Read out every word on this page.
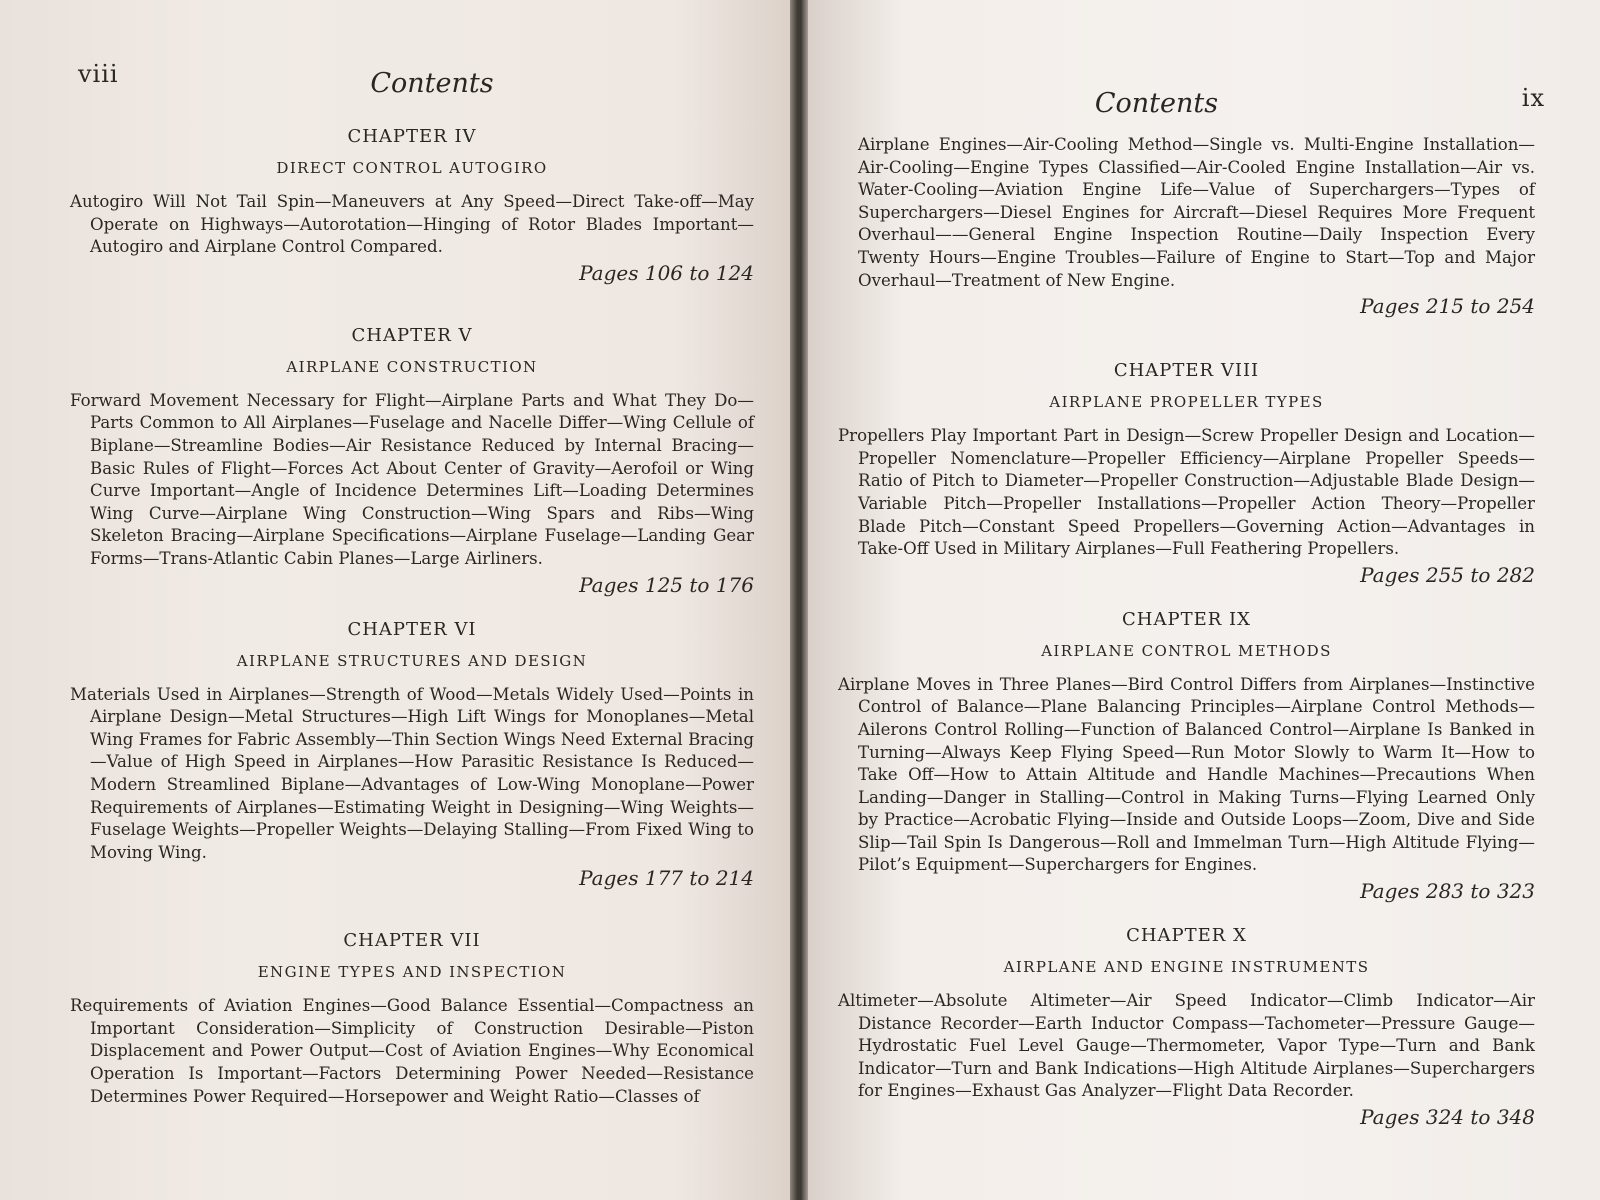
viii	Contents
CHAPTER IV
DIRECT CONTROL AUTOGIRO

Autogiro Will Not Tail Spin—Maneuvers at Any Speed—Direct Take-off—May Operate on Highways—Autorotation—Hinging of Rotor Blades Important—Autogiro and Airplane Control Compared.

Pages 106 to 124
CHAPTER V
AIRPLANE CONSTRUCTION

Forward Movement Necessary for Flight—Airplane Parts and What They Do—Parts Common to All Airplanes—Fuselage and Nacelle Differ—Wing Cellule of Biplane—Streamline Bodies—Air Resistance Reduced by Internal Bracing—Basic Rules of Flight—Forces Act About Center of Gravity—Aerofoil or Wing Curve Important—Angle of Incidence Determines Lift—Loading Determines Wing Curve—Airplane Wing Construction—Wing Spars and Ribs—Wing Skeleton Bracing—Airplane Specifications—Airplane Fuselage—Landing Gear Forms—Trans-Atlantic Cabin Planes—Large Airliners.

Pages 125 to 176
CHAPTER VI
AIRPLANE STRUCTURES AND DESIGN

Materials Used in Airplanes—Strength of Wood—Metals Widely Used—Points in Airplane Design—Metal Structures—High Lift Wings for Monoplanes—Metal Wing Frames for Fabric Assembly—Thin Section Wings Need External Bracing—Value of High Speed in Airplanes—How Parasitic Resistance Is Reduced—Modern Streamlined Biplane—Advantages of Low-Wing Monoplane—Power Requirements of Airplanes—Estimating Weight in Designing—Wing Weights—Fuselage Weights—Propeller Weights—Delaying Stalling—From Fixed Wing to Moving Wing.

Pages 177 to 214
CHAPTER VII
ENGINE TYPES AND INSPECTION

Requirements of Aviation Engines—Good Balance Essential—Compactness an Important Consideration—Simplicity of Construction Desirable—Piston Displacement and Power Output—Cost of Aviation Engines—Why Economical Operation Is Important—Factors Determining Power Needed—Resistance Determines Power Required—Horsepower and Weight Ratio—Classes of

Contents	ix

Airplane Engines—Air-Cooling Method—Single vs. Multi-Engine Installation—Air-Cooling—Engine Types Classified—Air-Cooled Engine Installation—Air vs. Water-Cooling—Aviation Engine Life—Value of Superchargers—Types of Superchargers—Diesel Engines for Aircraft—Diesel Requires More Frequent Overhaul——General Engine Inspection Routine—Daily Inspection Every Twenty Hours—Engine Troubles—Failure of Engine to Start—Top and Major Overhaul—Treatment of New Engine.

Pages 215 to 254
CHAPTER VIII
AIRPLANE PROPELLER TYPES

Propellers Play Important Part in Design—Screw Propeller Design and Location—Propeller Nomenclature—Propeller Efficiency—Airplane Propeller Speeds—Ratio of Pitch to Diameter—Propeller Construction—Adjustable Blade Design—Variable Pitch—Propeller Installations—Propeller Action Theory—Propeller Blade Pitch—Constant Speed Propellers—Governing Action—Advantages in Take-Off Used in Military Airplanes—Full Feathering Propellers.

Pages 255 to 282
CHAPTER IX
AIRPLANE CONTROL METHODS

Airplane Moves in Three Planes—Bird Control Differs from Airplanes—Instinctive Control of Balance—Plane Balancing Principles—Airplane Control Methods—Ailerons Control Rolling—Function of Balanced Control—Airplane Is Banked in Turning—Always Keep Flying Speed—Run Motor Slowly to Warm It—How to Take Off—How to Attain Altitude and Handle Machines—Precautions When Landing—Danger in Stalling—Control in Making Turns—Flying Learned Only by Practice—Acrobatic Flying—Inside and Outside Loops—Zoom, Dive and Side Slip—Tail Spin Is Dangerous—Roll and Immelman Turn—High Altitude Flying—Pilot’s Equipment—Superchargers for Engines.

Pages 283 to 323
CHAPTER X
AIRPLANE AND ENGINE INSTRUMENTS

Altimeter—Absolute Altimeter—Air Speed Indicator—Climb Indicator—Air Distance Recorder—Earth Inductor Compass—Tachometer—Pressure Gauge—Hydrostatic Fuel Level Gauge—Thermometer, Vapor Type—Turn and Bank Indicator—Turn and Bank Indications—High Altitude Airplanes—Superchargers for Engines—Exhaust Gas Analyzer—Flight Data Recorder.

Pages 324 to 348
